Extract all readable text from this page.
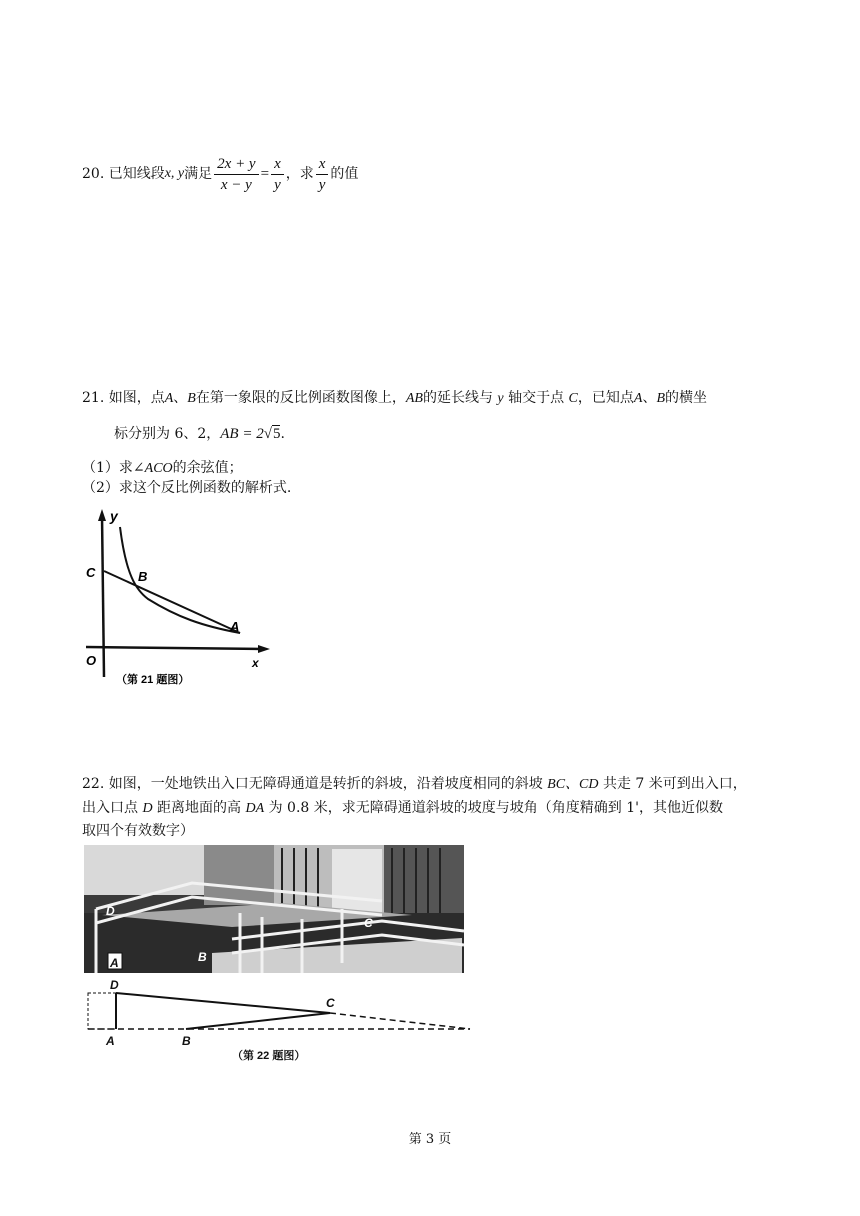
20.
已知线段 x, y 满足 $\frac{2x + y}{x - y} = \frac{x}{y}$ ，求 $\frac{x}{y}$ 的值
21. 如图，点A、B在第一象限的反比例函数图像上，AB的延长线与 y 轴交于点 C，已知点A、B的横坐
标分别为 6、2，AB = 2√5.
（1）求∠ACO的余弦值；
（2）求这个反比例函数的解析式.
y
x
O
C	B
A
（第 21 题图）
22. 如图，一处地铁出入口无障碍通道是转折的斜坡，沿着坡度相同的斜坡 BC、CD 共走 7 米可到出入口，
出入口点 D 距离地面的高 DA 为 0.8 米，求无障碍通道斜坡的坡度与坡角（角度精确到 1'，其他近似数
取四个有效数字）
D
A	B
C
D
C
A	B
（第 22 题图）
第 3 页
